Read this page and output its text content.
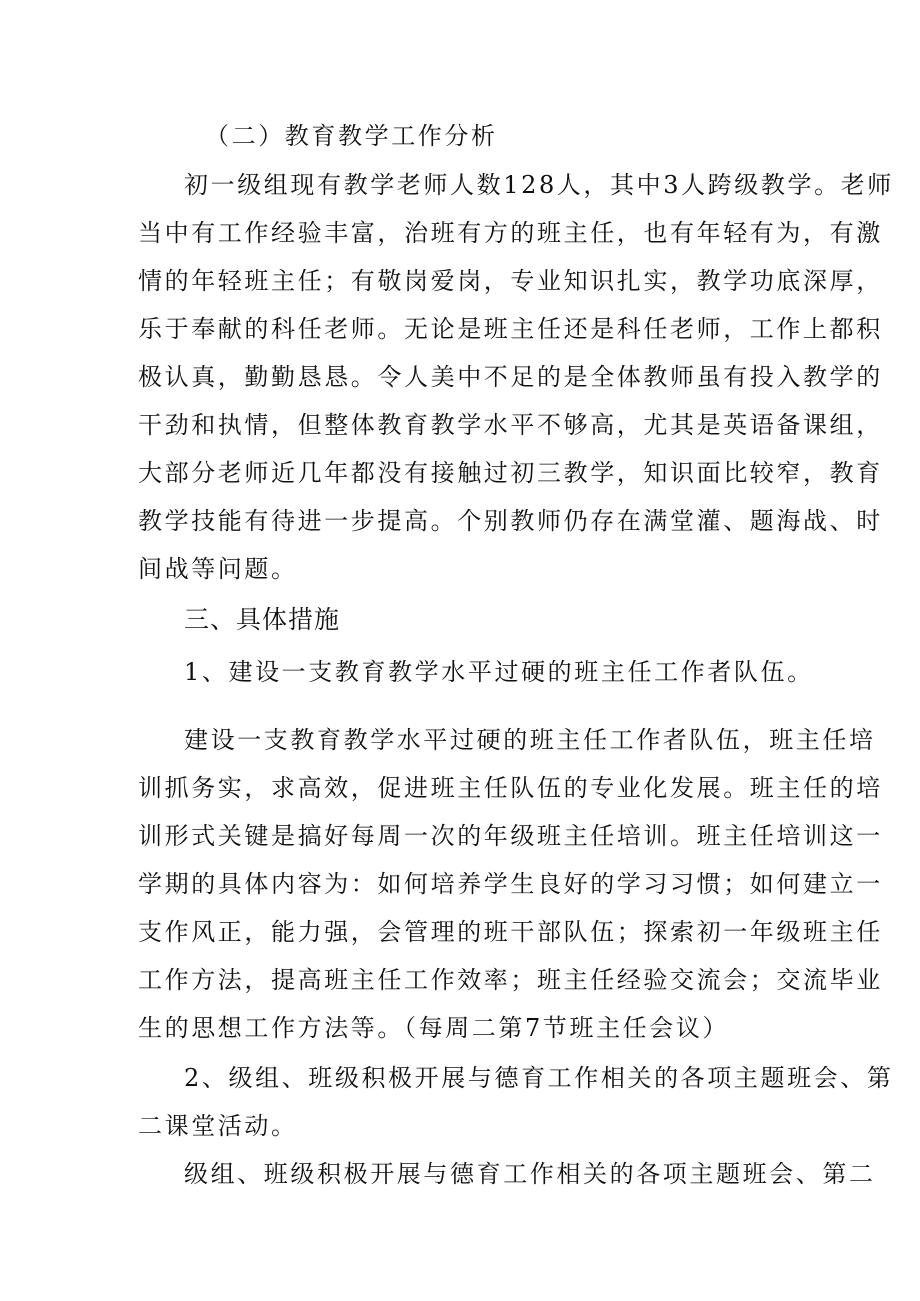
（二）教育教学工作分析
初一级组现有教学老师人数128人，其中3人跨级教学。老师
当中有工作经验丰富，治班有方的班主任，也有年轻有为，有激
情的年轻班主任；有敬岗爱岗，专业知识扎实，教学功底深厚，
乐于奉献的科任老师。无论是班主任还是科任老师，工作上都积
极认真，勤勤恳恳。令人美中不足的是全体教师虽有投入教学的
干劲和执情，但整体教育教学水平不够高，尤其是英语备课组，
大部分老师近几年都没有接触过初三教学，知识面比较窄，教育
教学技能有待进一步提高。个别教师仍存在满堂灌、题海战、时
间战等问题。
三、具体措施
1、建设一支教育教学水平过硬的班主任工作者队伍。
建设一支教育教学水平过硬的班主任工作者队伍，班主任培
训抓务实，求高效，促进班主任队伍的专业化发展。班主任的培
训形式关键是搞好每周一次的年级班主任培训。班主任培训这一
学期的具体内容为：如何培养学生良好的学习习惯；如何建立一
支作风正，能力强，会管理的班干部队伍；探索初一年级班主任
工作方法，提高班主任工作效率；班主任经验交流会；交流毕业
生的思想工作方法等。（每周二第7节班主任会议）
2、级组、班级积极开展与德育工作相关的各项主题班会、第
二课堂活动。
级组、班级积极开展与德育工作相关的各项主题班会、第二
